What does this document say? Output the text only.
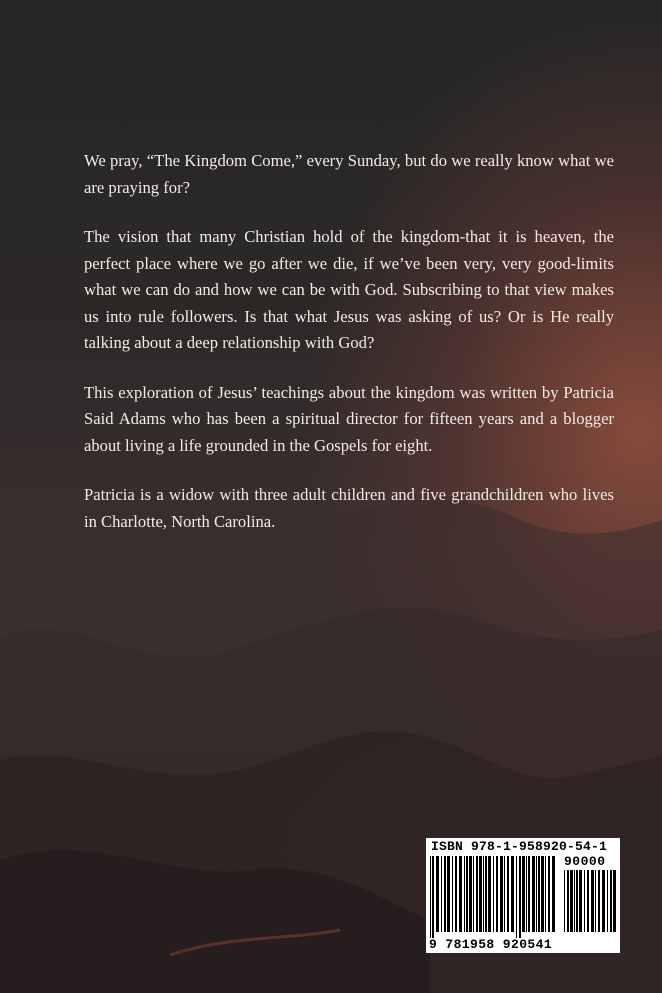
We pray, “The Kingdom Come,” every Sunday, but do we really know what we are praying for?

The vision that many Christian hold of the kingdom-that it is heaven, the perfect place where we go after we die, if we’ve been very, very good-limits what we can do and how we can be with God. Subscribing to that view makes us into rule followers. Is that what Jesus was asking of us? Or is He really talking about a deep relationship with God?

This exploration of Jesus’ teachings about the kingdom was written by Patricia Said Adams who has been a spiritual director for fifteen years and a blogger about living a life grounded in the Gospels for eight.

Patricia is a widow with three adult children and five grandchildren who lives in Charlotte, North Carolina.

ISBN 978-1-958920-54-1
90000
9 781958 920541
